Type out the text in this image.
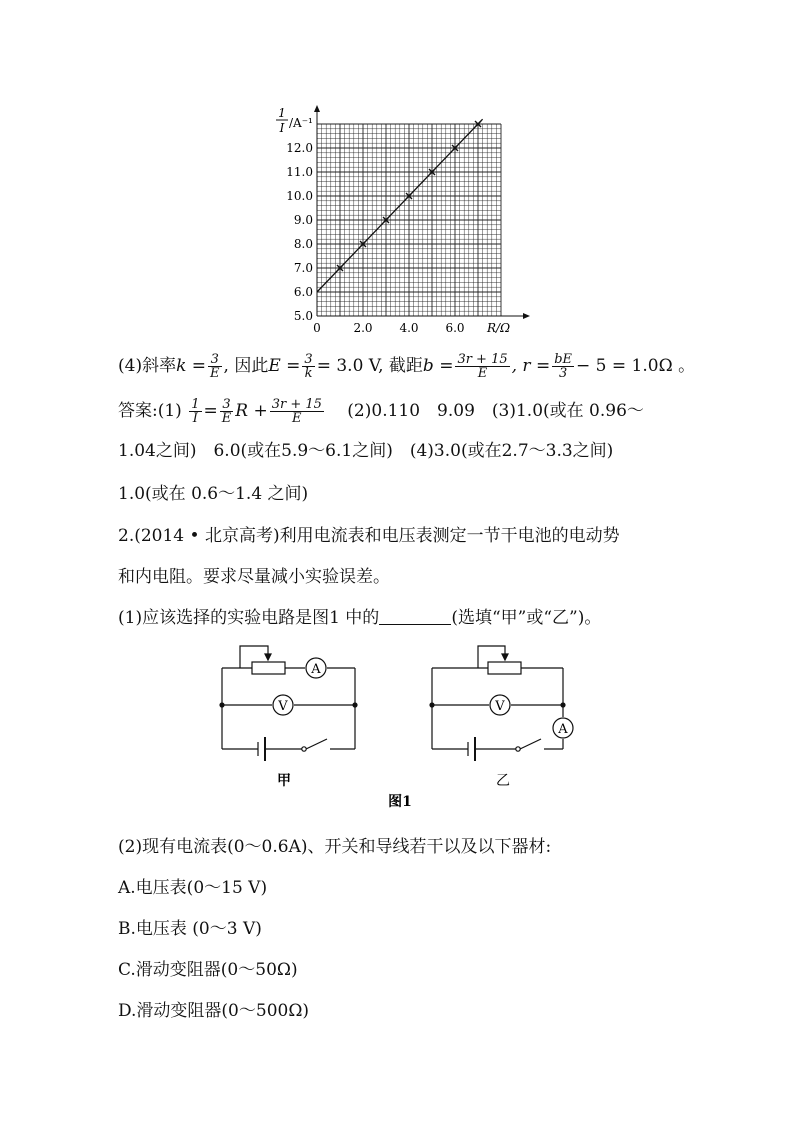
0	2.0 4.0 6.0
5.0
6.0
7.0
8.0
9.0
10.0
11.0
12.0
1
I /A⁻¹
R/Ω
(4)斜率$k = \frac{3}{E}$ , 因此$E = \frac{3}{k} = 3.0$ V, 截距$b = \frac{3r + 15}{E}$ , $r = \frac{bE}{3} - 5 = 1.0\Omega$ 。
答案:(1) $\frac{1}{I} = \frac{3}{E}$ $R + \frac{3r + 15}{E} (2)0.110$　9.09　(3)1.0(或在 0.96～
1.04之间)　6.0(或在5.9～6.1之间)　(4)3.0(或在2.7～3.3之间)
1.0(或在 0.6～1.4 之间)
2.(2014 • 北京高考)利用电流表和电压表测定一节干电池的电动势
和内电阻。要求尽量减小实验误差。
(1)应该选择的实验电路是图1 中的	(选填“甲”或“乙”)。
A
V
甲
V
A
乙
图1
(2)现有电流表(0～0.6A)、开关和导线若干以及以下器材:
A.电压表(0～15 V)
B.电压表 (0～3 V)
C.滑动变阻器(0～50Ω)
D.滑动变阻器(0～500Ω)
